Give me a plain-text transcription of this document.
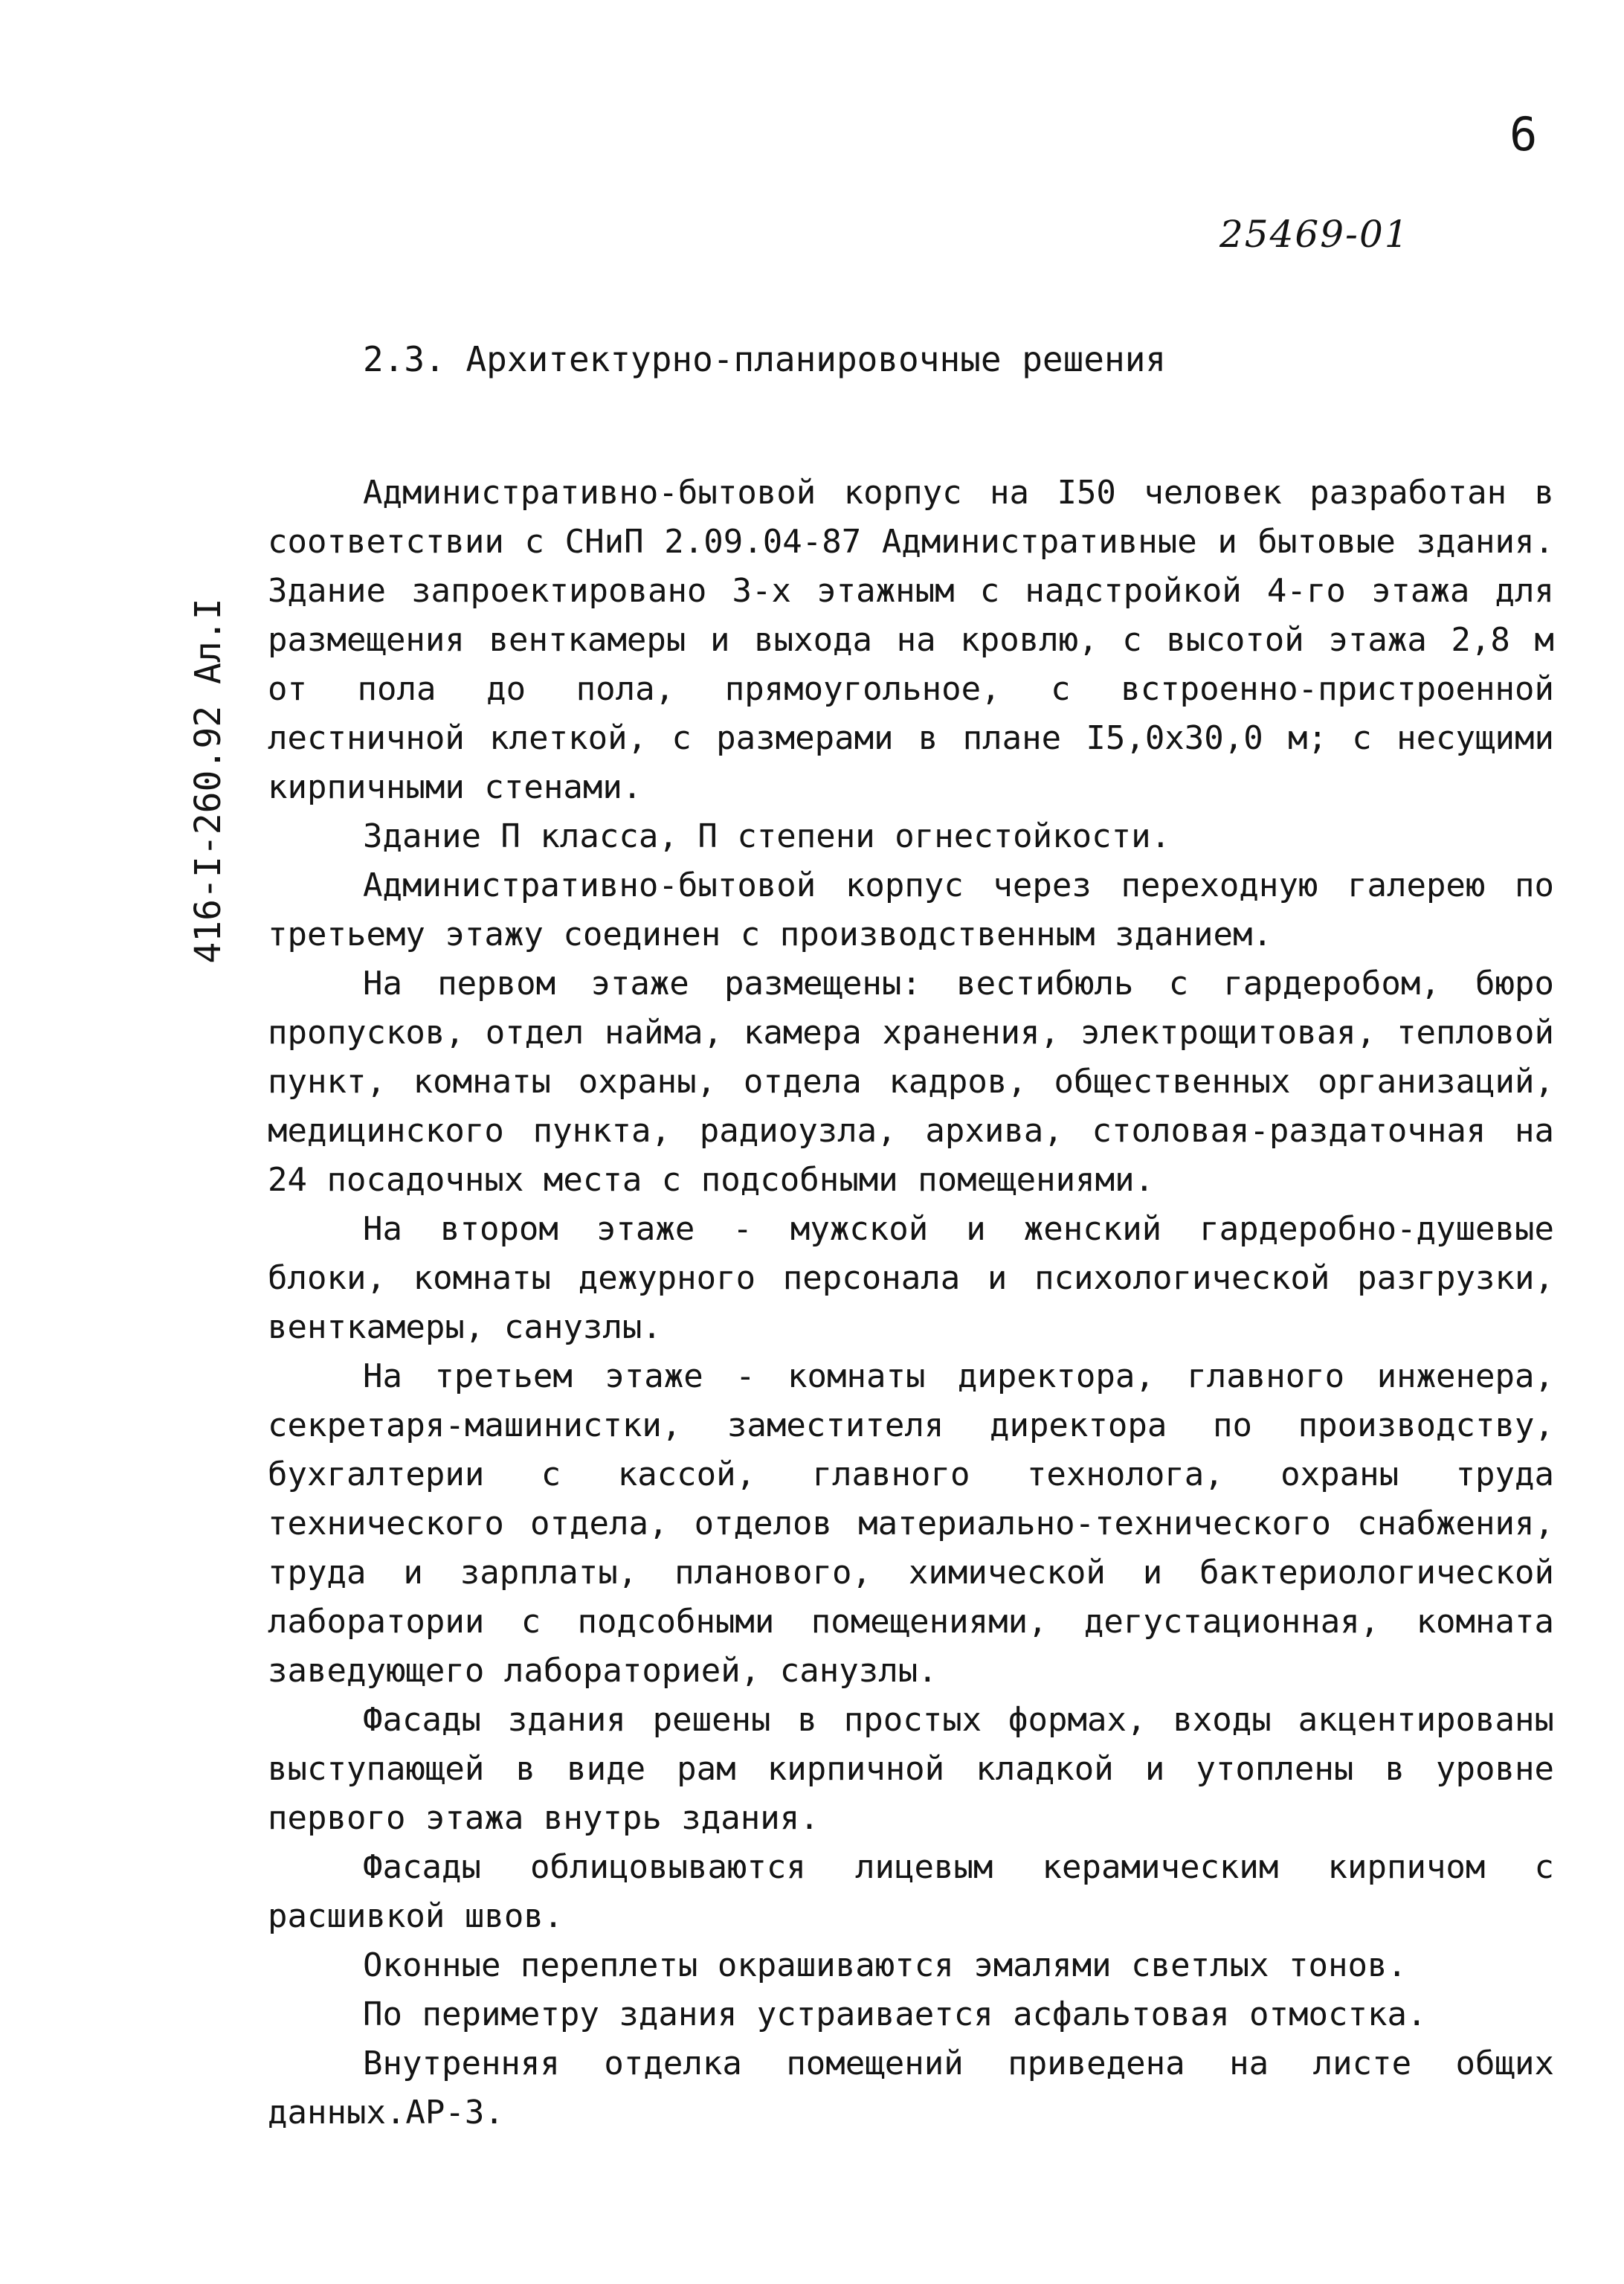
6
25469-01
416-I-260.92 Ал.I
2.3. Архитектурно-планировочные решения

Административно-бытовой корпус на I50 человек разработан в соответствии с СНиП 2.09.04-87 Административные и бытовые здания. Здание запроектировано 3-х этажным с надстройкой 4-го этажа для размещения венткамеры и выхода на кровлю, с высотой этажа 2,8 м от пола до пола, прямоугольное, с встроенно-пристроенной лестничной клеткой, с размерами в плане I5,0х30,0 м; с несущими кирпичными стенами.

Здание П класса, П степени огнестойкости.

Административно-бытовой корпус через переходную галерею по третьему этажу соединен с производственным зданием.

На первом этаже размещены: вестибюль с гардеробом, бюро пропусков, отдел найма, камера хранения, электрощитовая, тепловой пункт, комнаты охраны, отдела кадров, общественных организаций, медицинского пункта, радиоузла, архива, столовая-раздаточная на 24 посадочных места с подсобными помещениями.

На втором этаже - мужской и женский гардеробно-душевые блоки, комнаты дежурного персонала и психологической разгрузки, венткамеры, санузлы.

На третьем этаже - комнаты директора, главного инженера, секретаря-машинистки, заместителя директора по производству, бухгалтерии с кассой, главного технолога, охраны труда технического отдела, отделов материально-технического снабжения, труда и зарплаты, планового, химической и бактериологической лаборатории с подсобными помещениями, дегустационная, комната заведующего лабораторией, санузлы.

Фасады здания решены в простых формах, входы акцентированы выступающей в виде рам кирпичной кладкой и утоплены в уровне первого этажа внутрь здания.

Фасады облицовываются лицевым керамическим кирпичом с расшивкой швов.

Оконные переплеты окрашиваются эмалями светлых тонов.

По периметру здания устраивается асфальтовая отмостка.

Внутренняя отделка помещений приведена на листе общих данных.АР-3.
